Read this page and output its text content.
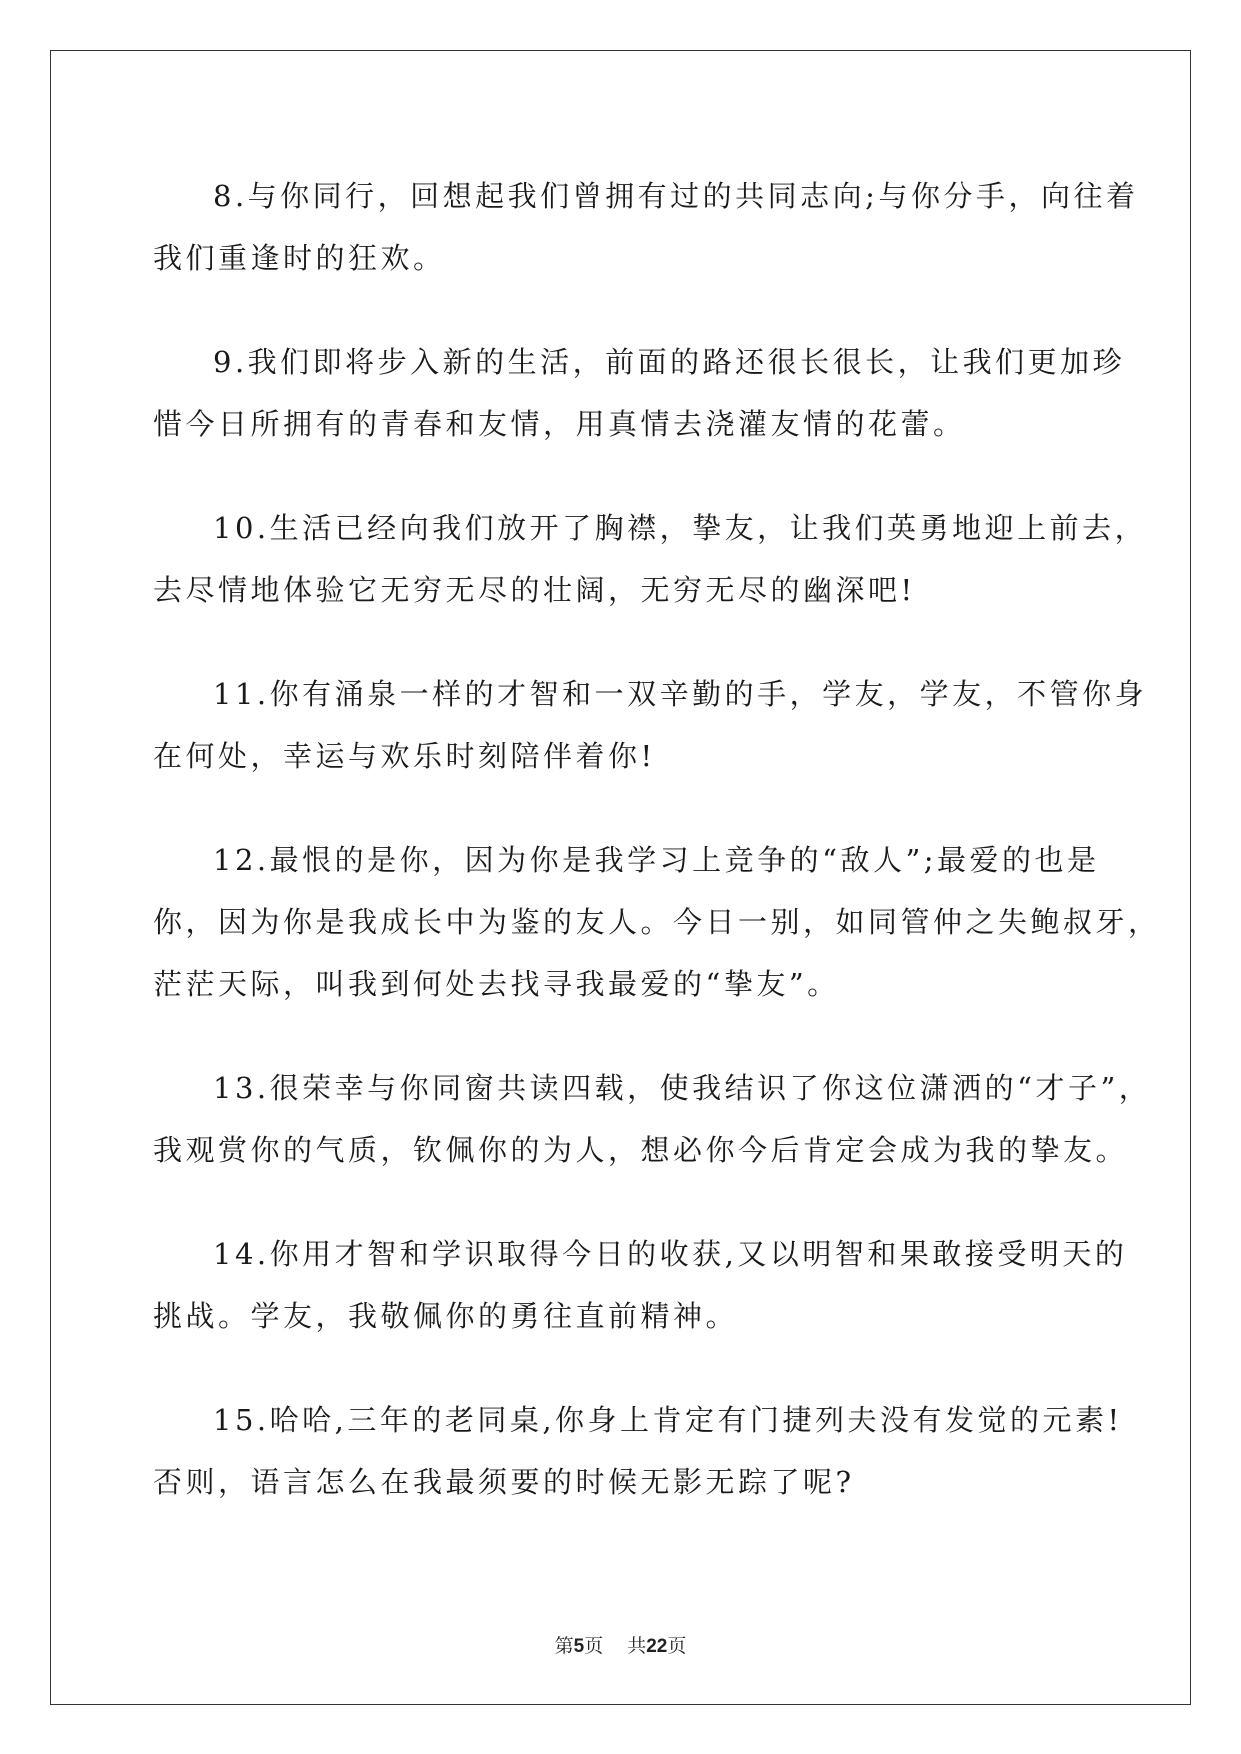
8.与你同行，回想起我们曾拥有过的共同志向;与你分手，向往着
我们重逢时的狂欢。

9.我们即将步入新的生活，前面的路还很长很长，让我们更加珍
惜今日所拥有的青春和友情，用真情去浇灌友情的花蕾。

10.生活已经向我们放开了胸襟，挚友，让我们英勇地迎上前去，
去尽情地体验它无穷无尽的壮阔，无穷无尽的幽深吧!

11.你有涌泉一样的才智和一双辛勤的手，学友，学友，不管你身
在何处，幸运与欢乐时刻陪伴着你!

12.最恨的是你，因为你是我学习上竞争的“敌人”;最爱的也是
你，因为你是我成长中为鉴的友人。今日一别，如同管仲之失鲍叔牙，
茫茫天际，叫我到何处去找寻我最爱的“挚友”。

13.很荣幸与你同窗共读四载，使我结识了你这位潇洒的“才子”，
我观赏你的气质，钦佩你的为人，想必你今后肯定会成为我的挚友。

14.你用才智和学识取得今日的收获,又以明智和果敢接受明天的
挑战。学友，我敬佩你的勇往直前精神。

15.哈哈,三年的老同桌,你身上肯定有门捷列夫没有发觉的元素!
否则，语言怎么在我最须要的时候无影无踪了呢?

第5页 共22页
